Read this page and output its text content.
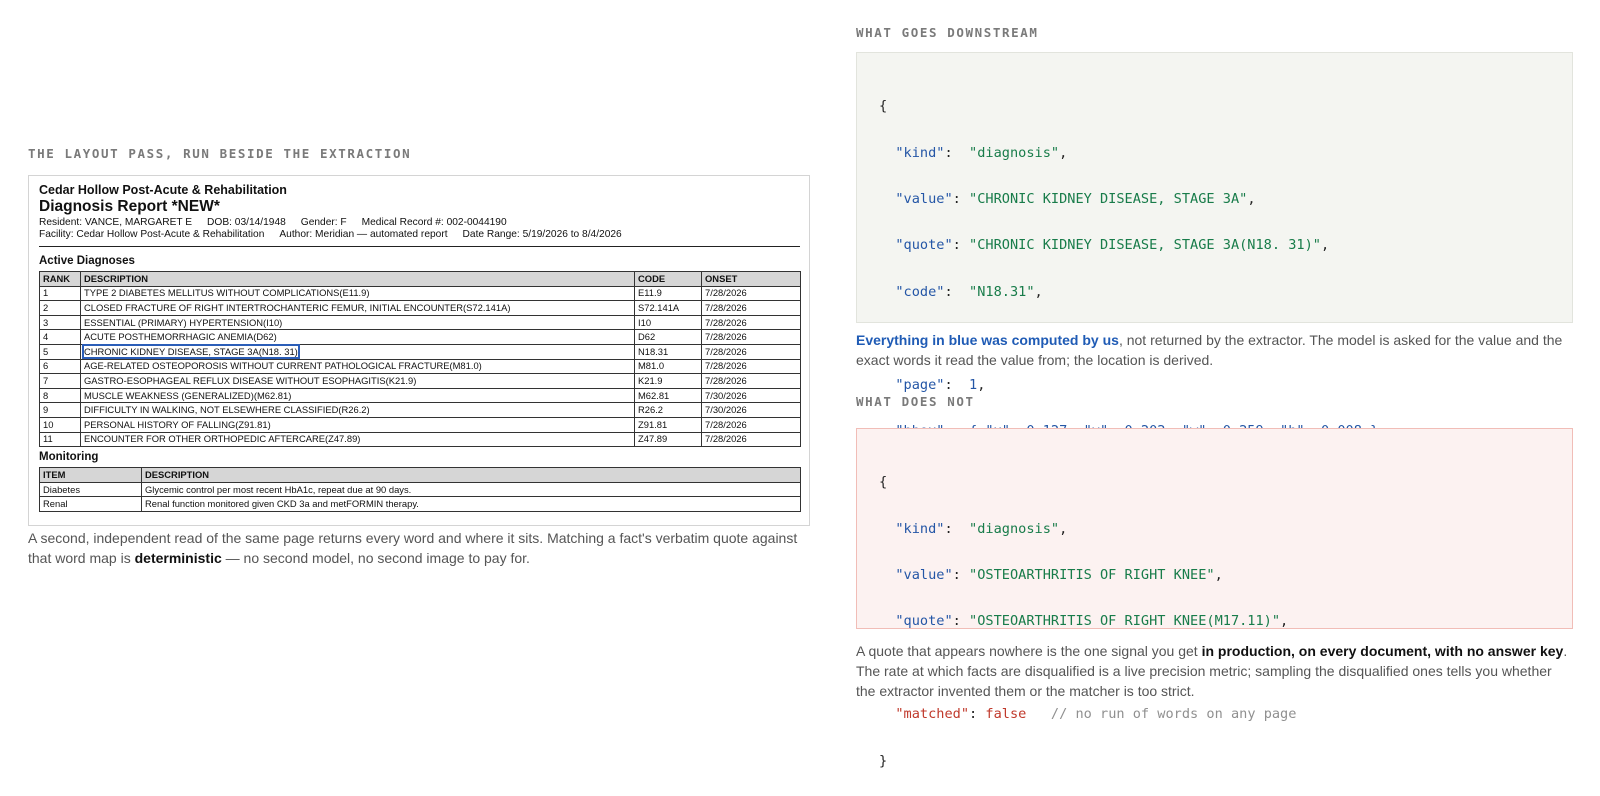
THE LAYOUT PASS, RUN BESIDE THE EXTRACTION
Cedar Hollow Post-Acute & Rehabilitation
Diagnosis Report *NEW*
Resident: VANCE, MARGARET E DOB: 03/14/1948 Gender: F Medical Record #: 002-0044190
Facility: Cedar Hollow Post-Acute & Rehabilitation Author: Meridian — automated report Date Range: 5/19/2026 to 8/4/2026
Active Diagnoses
RANK	DESCRIPTION	CODE	ONSET
1	TYPE 2 DIABETES MELLITUS WITHOUT COMPLICATIONS(E11.9)	E11.9	7/28/2026
2	CLOSED FRACTURE OF RIGHT INTERTROCHANTERIC FEMUR, INITIAL ENCOUNTER(S72.141A)	S72.141A	7/28/2026
3	ESSENTIAL (PRIMARY) HYPERTENSION(I10)	I10	7/28/2026
4	ACUTE POSTHEMORRHAGIC ANEMIA(D62)	D62	7/28/2026
5	CHRONIC KIDNEY DISEASE, STAGE 3A(N18. 31)	N18.31	7/28/2026
6	AGE-RELATED OSTEOPOROSIS WITHOUT CURRENT PATHOLOGICAL FRACTURE(M81.0)	M81.0	7/28/2026
7	GASTRO-ESOPHAGEAL REFLUX DISEASE WITHOUT ESOPHAGITIS(K21.9)	K21.9	7/28/2026
8	MUSCLE WEAKNESS (GENERALIZED)(M62.81)	M62.81	7/30/2026
9	DIFFICULTY IN WALKING, NOT ELSEWHERE CLASSIFIED(R26.2)	R26.2	7/30/2026
10	PERSONAL HISTORY OF FALLING(Z91.81)	Z91.81	7/28/2026
11	ENCOUNTER FOR OTHER ORTHOPEDIC AFTERCARE(Z47.89)	Z47.89	7/28/2026
Monitoring
ITEM	DESCRIPTION
Diabetes	Glycemic control per most recent HbA1c, repeat due at 90 days.
Renal	Renal function monitored given CKD 3a and metFORMIN therapy.
A second, independent read of the same page returns every word and where it sits. Matching a fact's verbatim quote against that word map is deterministic — no second model, no second image to pay for.
WHAT GOES DOWNSTREAM

{

"kind":  "diagnosis",

"value": "CHRONIC KIDNEY DISEASE, STAGE 3A",

"quote": "CHRONIC KIDNEY DISEASE, STAGE 3A(N18. 31)",

"code":  "N18.31",

"page":  1,

Everything in blue was computed by us, not returned by the extractor. The model is asked for the value and the exact words it read the value from; the location is derived.
WHAT DOES NOT

{

"kind":  "diagnosis",

"value": "OSTEOARTHRITIS OF RIGHT KNEE",

"quote": "OSTEOARTHRITIS OF RIGHT KNEE(M17.11)",

"matched": false // no run of words on any page

}

A quote that appears nowhere is the one signal you get in production, on every document, with no answer key. The rate at which facts are disqualified is a live precision metric; sampling the disqualified ones tells you whether the extractor invented them or the matcher is too strict.
